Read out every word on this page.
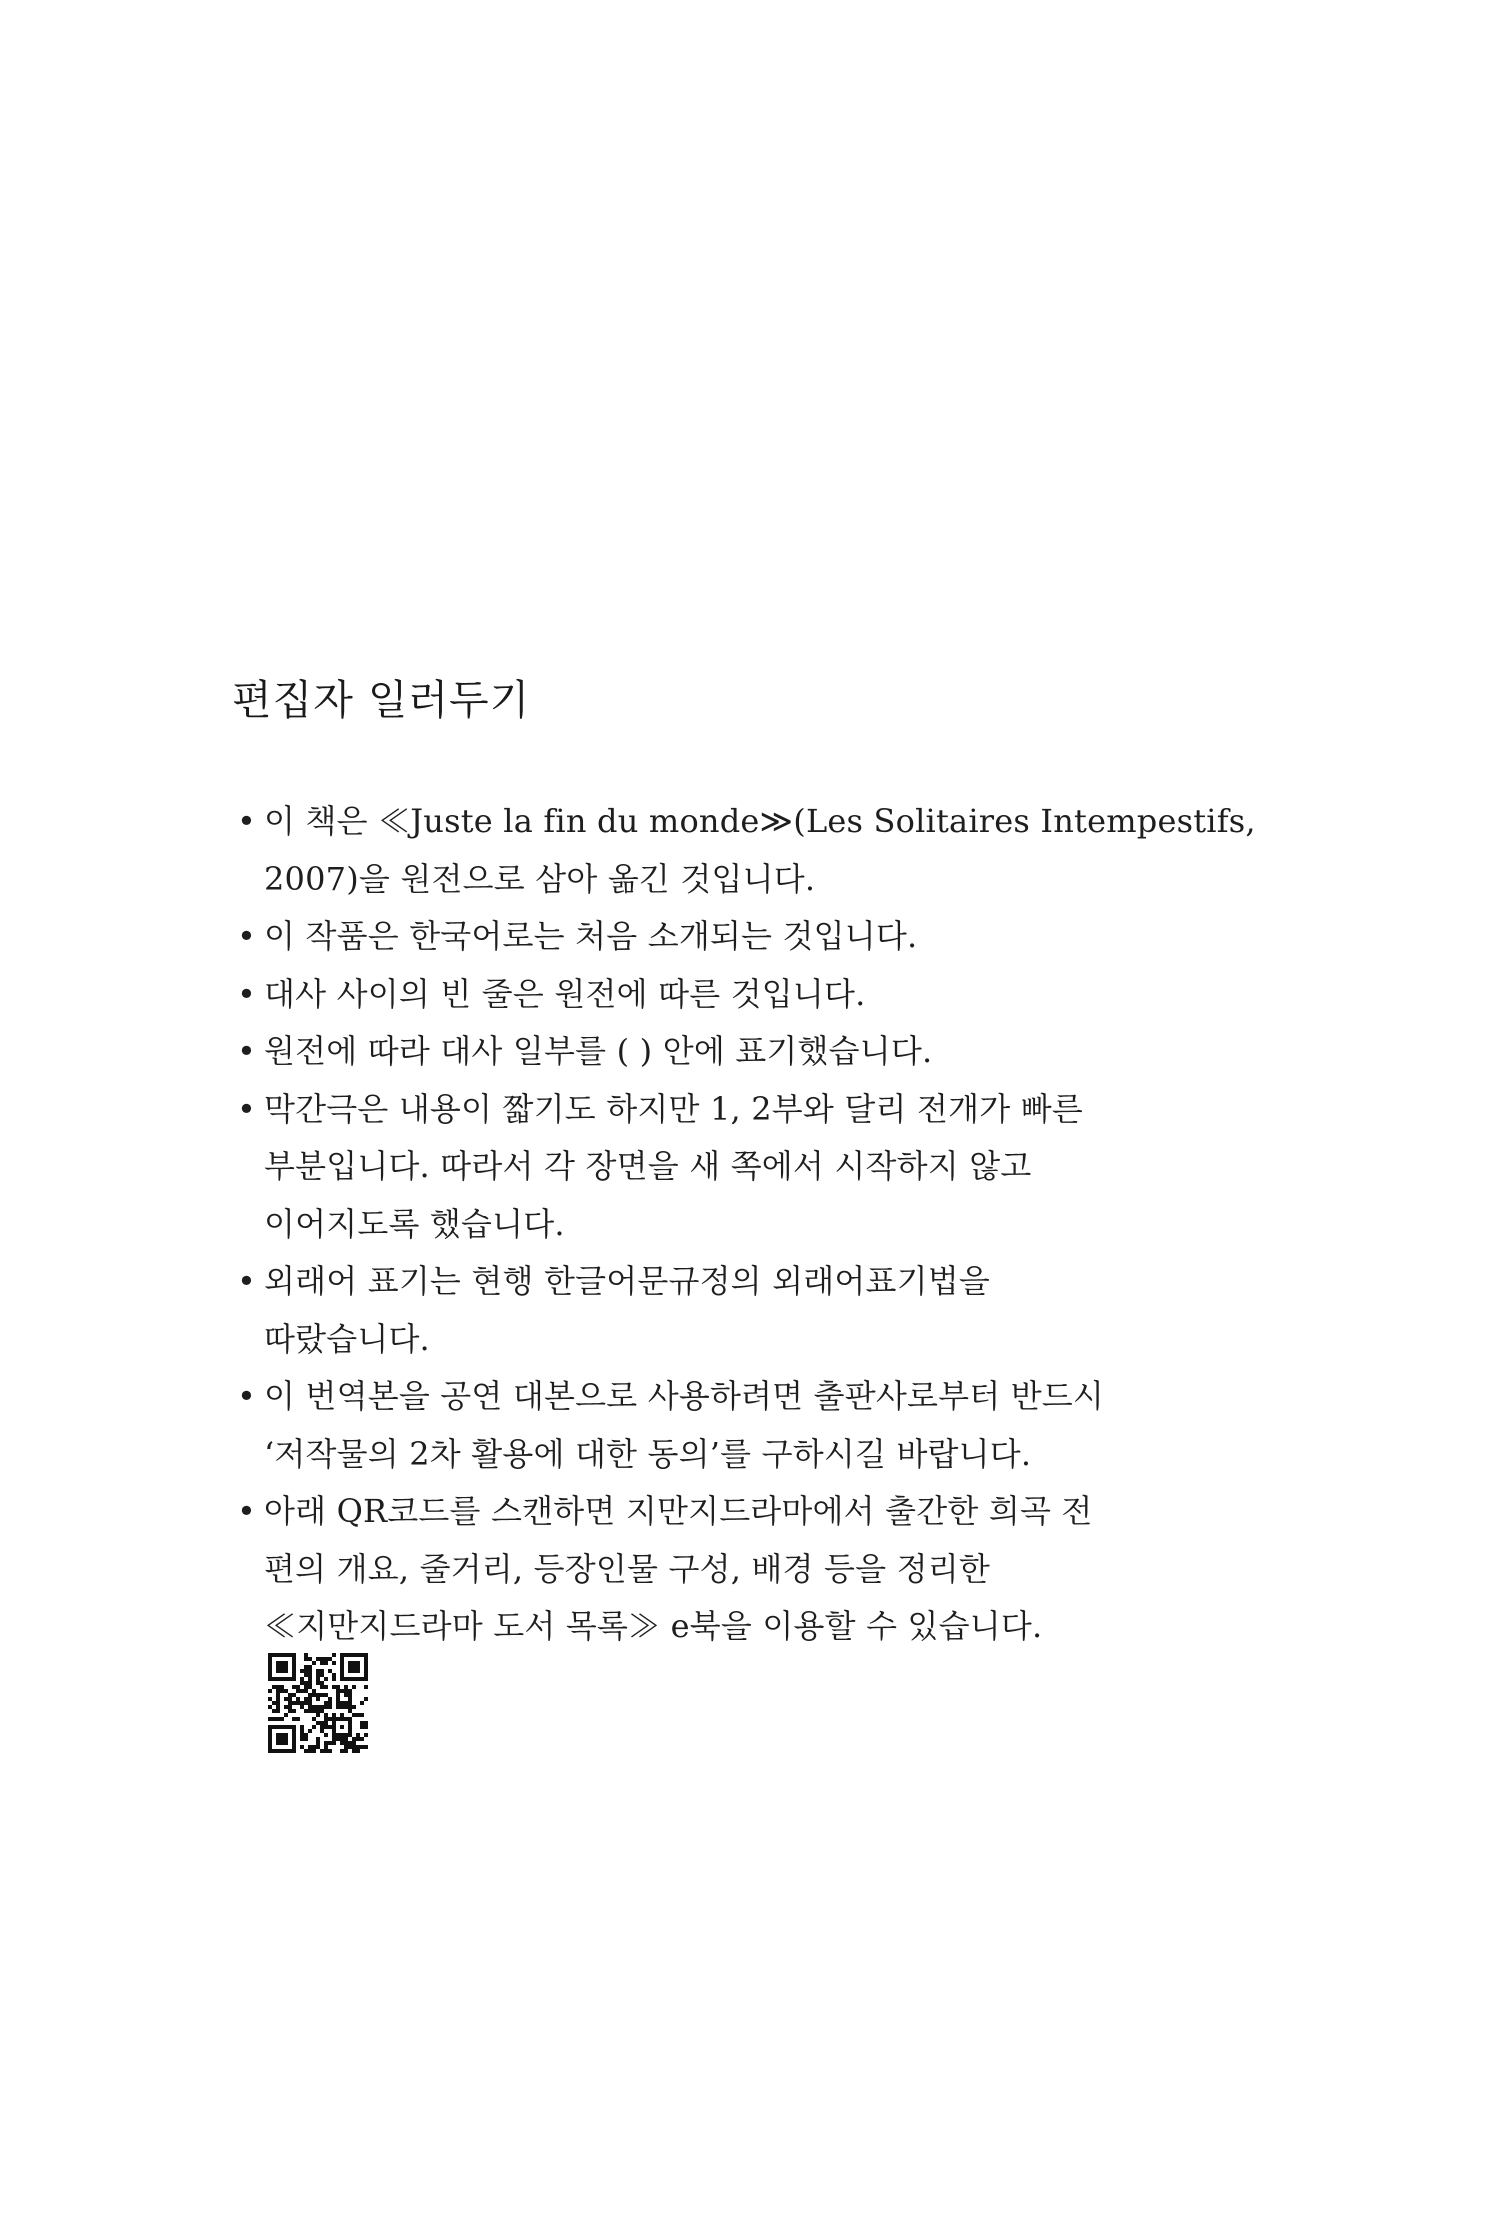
편집자 일러두기
• 이 책은 ≪Juste la fin du monde≫(Les Solitaires Intempestifs,
2007)을 원전으로 삼아 옮긴 것입니다.
• 이 작품은 한국어로는 처음 소개되는 것입니다.
• 대사 사이의 빈 줄은 원전에 따른 것입니다.
• 원전에 따라 대사 일부를 ( ) 안에 표기했습니다.
• 막간극은 내용이 짧기도 하지만 1, 2부와 달리 전개가 빠른
부분입니다. 따라서 각 장면을 새 쪽에서 시작하지 않고
이어지도록 했습니다.
• 외래어 표기는 현행 한글어문규정의 외래어표기법을
따랐습니다.
• 이 번역본을 공연 대본으로 사용하려면 출판사로부터 반드시
‘저작물의 2차 활용에 대한 동의’를 구하시길 바랍니다.
• 아래 QR코드를 스캔하면 지만지드라마에서 출간한 희곡 전
편의 개요, 줄거리, 등장인물 구성, 배경 등을 정리한
≪지만지드라마 도서 목록≫ e북을 이용할 수 있습니다.
